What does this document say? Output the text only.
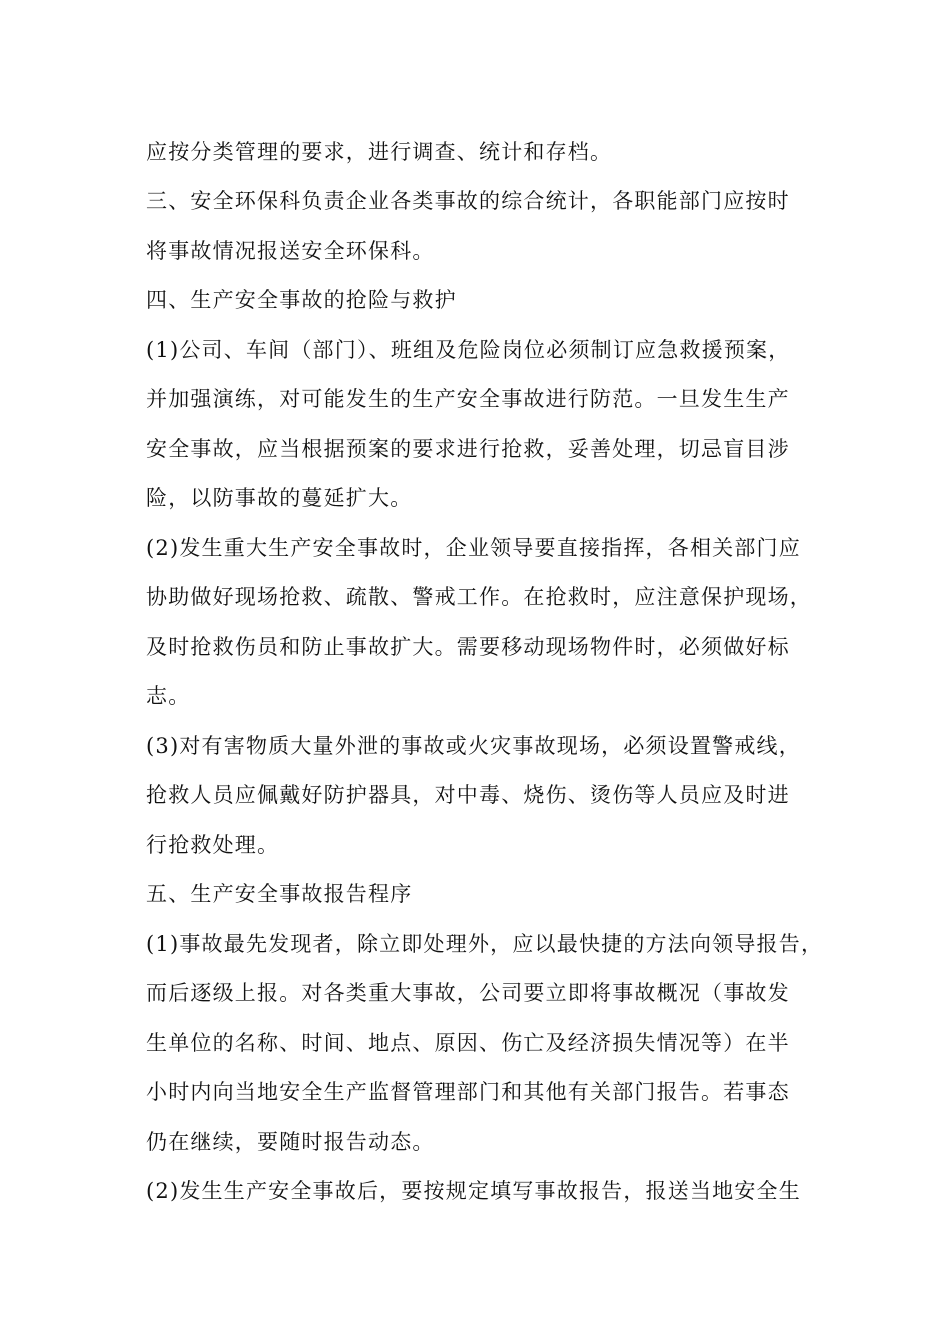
应按分类管理的要求，进行调查、统计和存档。
三、安全环保科负责企业各类事故的综合统计，各职能部门应按时
将事故情况报送安全环保科。
四、生产安全事故的抢险与救护
(1)公司、车间（部门）、班组及危险岗位必须制订应急救援预案，
并加强演练，对可能发生的生产安全事故进行防范。一旦发生生产
安全事故，应当根据预案的要求进行抢救，妥善处理，切忌盲目涉
险，以防事故的蔓延扩大。
(2)发生重大生产安全事故时，企业领导要直接指挥，各相关部门应
协助做好现场抢救、疏散、警戒工作。在抢救时，应注意保护现场，
及时抢救伤员和防止事故扩大。需要移动现场物件时，必须做好标
志。
(3)对有害物质大量外泄的事故或火灾事故现场，必须设置警戒线，
抢救人员应佩戴好防护器具，对中毒、烧伤、烫伤等人员应及时进
行抢救处理。
五、生产安全事故报告程序
(1)事故最先发现者，除立即处理外，应以最快捷的方法向领导报告，
而后逐级上报。对各类重大事故，公司要立即将事故概况（事故发
生单位的名称、时间、地点、原因、伤亡及经济损失情况等）在半
小时内向当地安全生产监督管理部门和其他有关部门报告。若事态
仍在继续，要随时报告动态。
(2)发生生产安全事故后，要按规定填写事故报告，报送当地安全生
